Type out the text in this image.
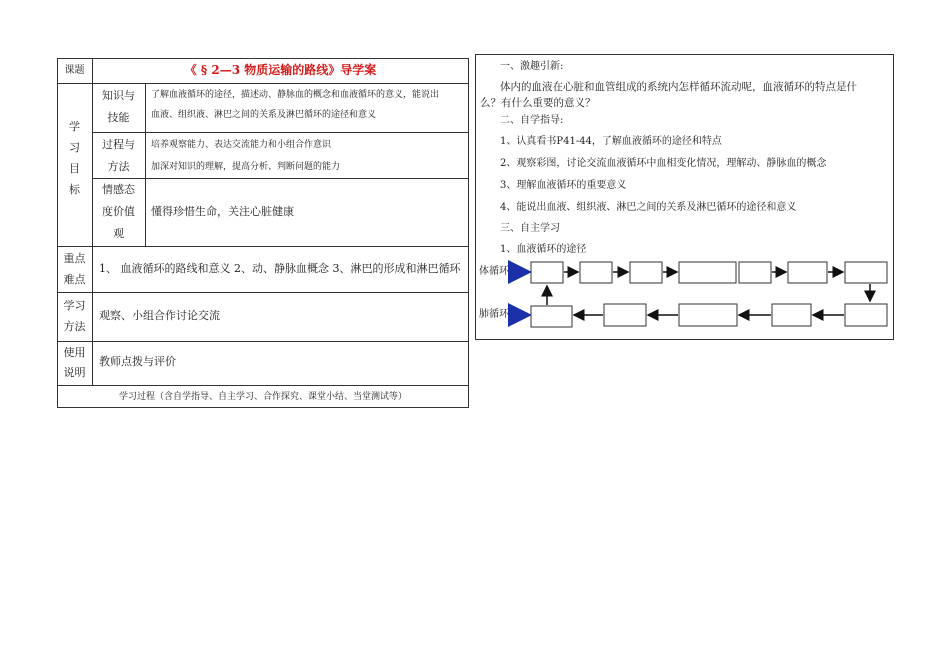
课题	《 § 2—3 物质运输的路线》导学案
学
习
目
标
知识与
技能
了解血液循环的途径，描述动、静脉血的概念和血液循环的意义，能说出
血液、组织液、淋巴之间的关系及淋巴循环的途径和意义
过程与
方法
培养观察能力、表达交流能力和小组合作意识
加深对知识的理解，提高分析、判断问题的能力
情感态
度价值
观
懂得珍惜生命，关注心脏健康
重点
难点
1、 血液循环的路线和意义 2、动、静脉血概念 3、淋巴的形成和淋巴循环
学习
方法
观察、小组合作讨论交流
使用
说明
教师点拨与评价
学习过程（含自学指导、自主学习、合作探究、课堂小结、当堂测试等）
一、激趣引新:
体内的血液在心脏和血管组成的系统内怎样循环流动呢，血液循环的特点是什
么？有什么重要的意义？
二、自学指导:
1、认真看书P41-44，了解血液循环的途径和特点
2、观察彩图，讨论交流血液循环中血相变化情况，理解动、静脉血的概念
3、理解血液循环的重要意义
4、能说出血液、组织液、淋巴之间的关系及淋巴循环的途径和意义
三、自主学习
1、血液循环的途径
体循环
肺循环
